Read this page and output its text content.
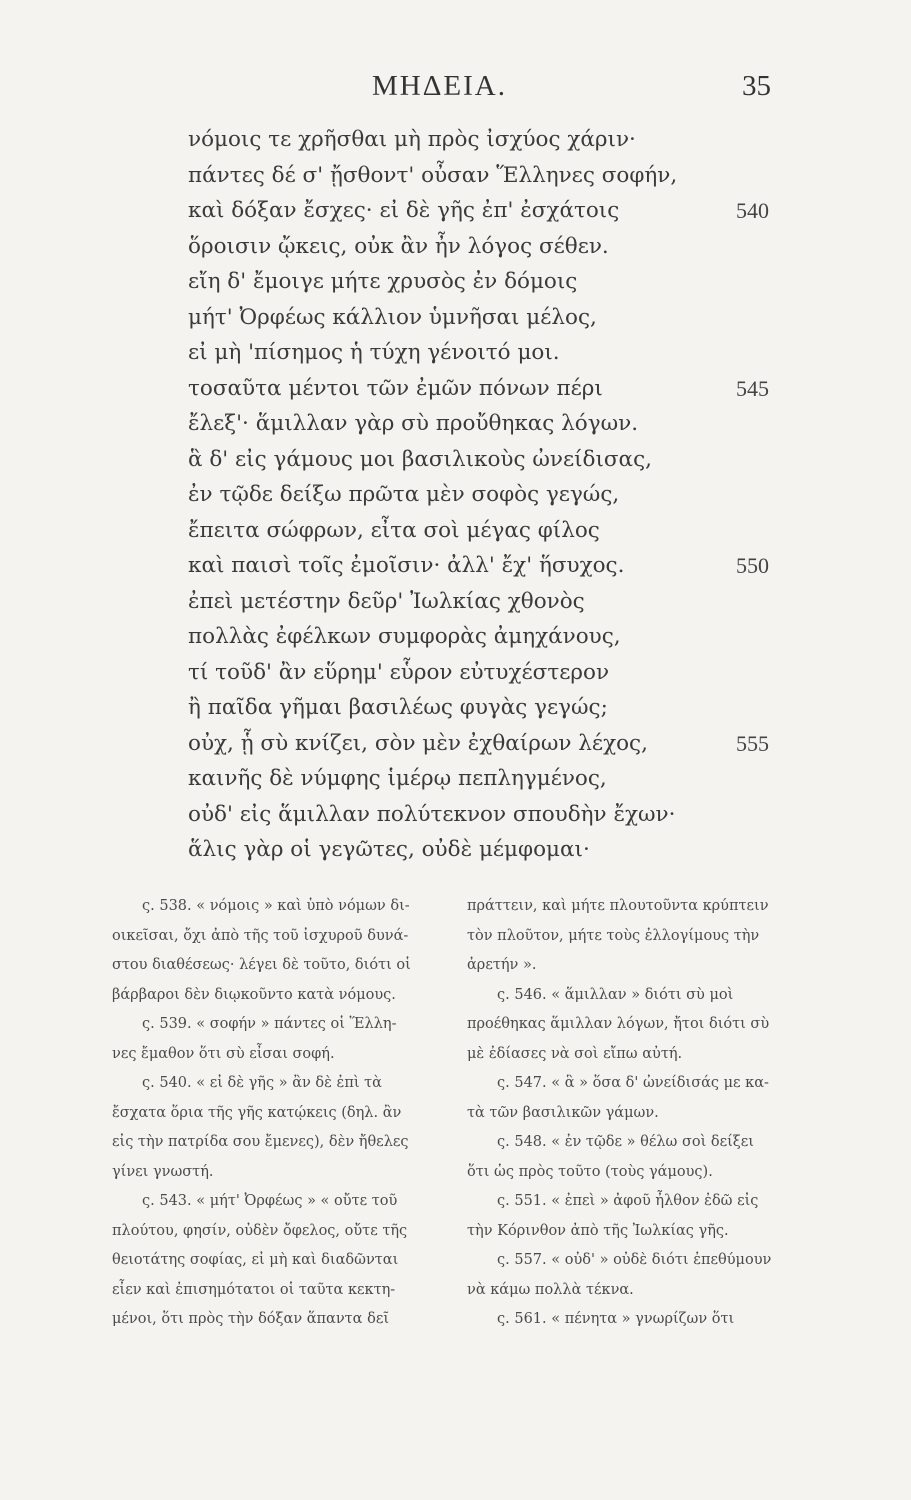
ΜΗΔΕΙΑ.	35
νόμοις τε χρῆσθαι μὴ πρὸς ἰσχύος χάριν·
πάντες δέ σ' ᾔσθοντ' οὖσαν Ἕλληνες σοφήν,
καὶ δόξαν ἔσχες· εἰ δὲ γῆς ἐπ' ἐσχάτοις	540
ὅροισιν ᾤκεις, οὐκ ἂν ἦν λόγος σέθεν.
εἴη δ' ἔμοιγε μήτε χρυσὸς ἐν δόμοις
μήτ' Ὀρφέως κάλλιον ὑμνῆσαι μέλος,
εἰ μὴ 'πίσημος ἡ τύχη γένοιτό μοι.
τοσαῦτα μέντοι τῶν ἐμῶν πόνων πέρι	545
ἔλεξ'· ἅμιλλαν γὰρ σὺ προὔθηκας λόγων.
ἃ δ' εἰς γάμους μοι βασιλικοὺς ὠνείδισας,
ἐν τῷδε δείξω πρῶτα μὲν σοφὸς γεγώς,
ἔπειτα σώφρων, εἶτα σοὶ μέγας φίλος
καὶ παισὶ τοῖς ἐμοῖσιν· ἀλλ' ἔχ' ἥσυχος.	550
ἐπεὶ μετέστην δεῦρ' Ἰωλκίας χθονὸς
πολλὰς ἐφέλκων συμφορὰς ἀμηχάνους,
τί τοῦδ' ἂν εὕρημ' εὗρον εὐτυχέστερον
ἢ παῖδα γῆμαι βασιλέως φυγὰς γεγώς;
οὐχ, ᾗ σὺ κνίζει, σὸν μὲν ἐχθαίρων λέχος,	555
καινῆς δὲ νύμφης ἱμέρῳ πεπληγμένος,
οὐδ' εἰς ἅμιλλαν πολύτεκνον σπουδὴν ἔχων·
ἅλις γὰρ οἱ γεγῶτες, οὐδὲ μέμφομαι·
ς. 538. « νόμοις » καὶ ὑπὸ νόμων δι-
οικεῖσαι, ὄχι ἀπὸ τῆς τοῦ ἰσχυροῦ δυνά-
στου διαθέσεως· λέγει δὲ τοῦτο, διότι οἱ
βάρβαροι δὲν διῳκοῦντο κατὰ νόμους.
ς. 539. « σοφήν » πάντες οἱ Ἕλλη-
νες ἔμαθον ὅτι σὺ εἶσαι σοφή.
ς. 540. « εἰ δὲ γῆς » ἂν δὲ ἐπὶ τὰ
ἔσχατα ὅρια τῆς γῆς κατῴκεις (δηλ. ἂν
εἰς τὴν πατρίδα σου ἔμενες), δὲν ἤθελες
γίνει γνωστή.
ς. 543. « μήτ' Ὀρφέως » « οὔτε τοῦ
πλούτου, φησίν, οὐδὲν ὄφελος, οὔτε τῆς
θειοτάτης σοφίας, εἰ μὴ καὶ διαδῶνται
εἶεν καὶ ἐπισημότατοι οἱ ταῦτα κεκτη-
μένοι, ὅτι πρὸς τὴν δόξαν ἅπαντα δεῖ
πράττειν, καὶ μήτε πλουτοῦντα κρύπτειν
τὸν πλοῦτον, μήτε τοὺς ἐλλογίμους τὴν
ἀρετήν ».
ς. 546. « ἅμιλλαν » διότι σὺ μοὶ
προέθηκας ἅμιλλαν λόγων, ἤτοι διότι σὺ
μὲ ἐδίασες νὰ σοὶ εἴπω αὐτή.
ς. 547. « ἃ » ὅσα δ' ὠνείδισάς με κα-
τὰ τῶν βασιλικῶν γάμων.
ς. 548. « ἐν τῷδε » θέλω σοὶ δείξει
ὅτι ὡς πρὸς τοῦτο (τοὺς γάμους).
ς. 551. « ἐπεὶ » ἀφοῦ ἦλθον ἐδῶ εἰς
τὴν Κόρινθον ἀπὸ τῆς Ἰωλκίας γῆς.
ς. 557. « οὐδ' » οὐδὲ διότι ἐπεθύμουν
νὰ κάμω πολλὰ τέκνα.
ς. 561. « πένητα » γνωρίζων ὅτι
